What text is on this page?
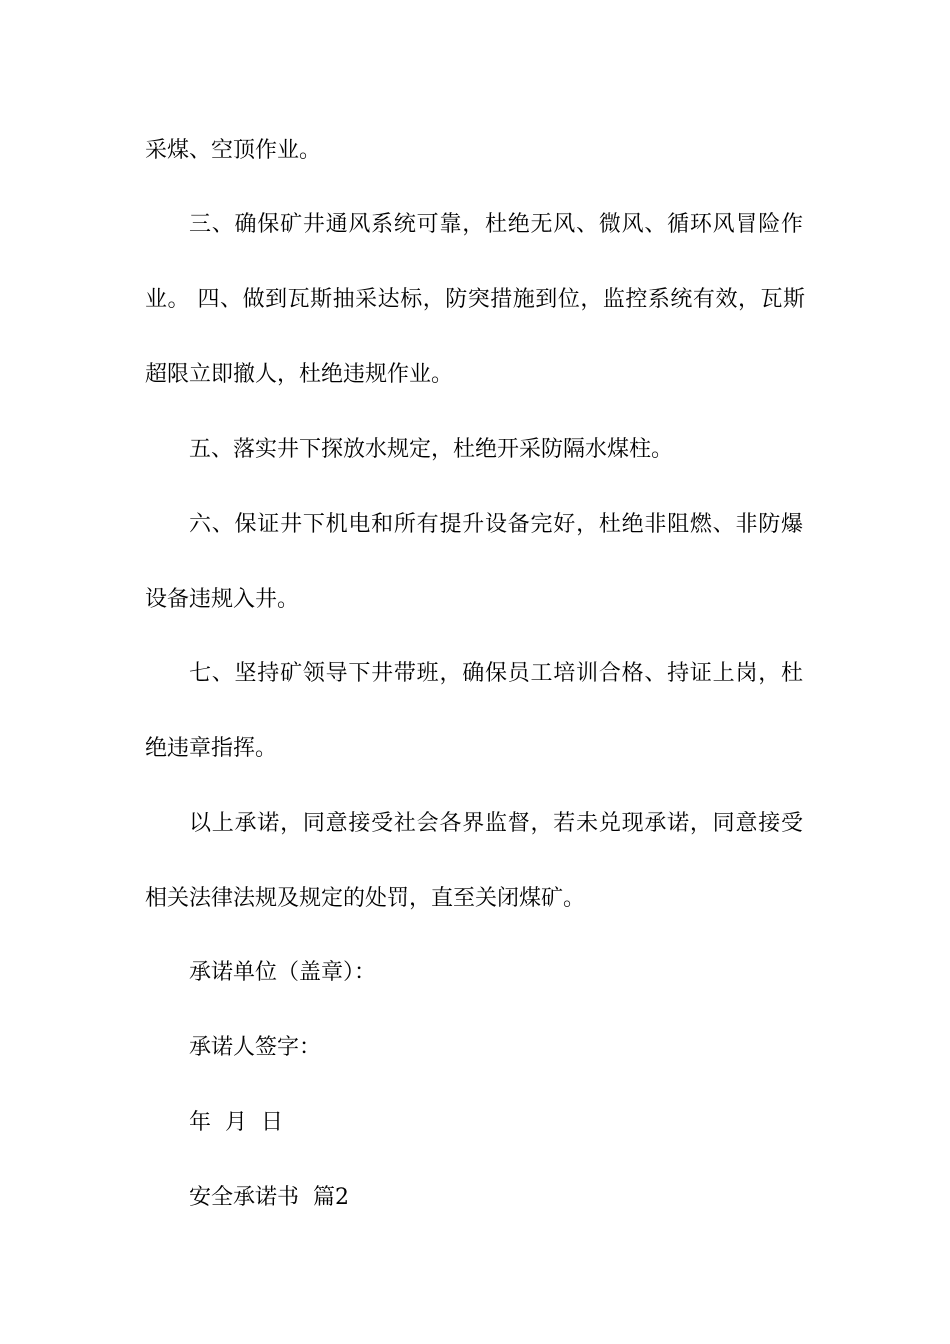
采煤、空顶作业。
三、确保矿井通风系统可靠，杜绝无风、微风、循环风冒险作
业。 四、做到瓦斯抽采达标，防突措施到位，监控系统有效，瓦斯
超限立即撤人，杜绝违规作业。
五、落实井下探放水规定，杜绝开采防隔水煤柱。
六、保证井下机电和所有提升设备完好，杜绝非阻燃、非防爆
设备违规入井。
七、坚持矿领导下井带班，确保员工培训合格、持证上岗，杜
绝违章指挥。
以上承诺，同意接受社会各界监督，若未兑现承诺，同意接受
相关法律法规及规定的处罚，直至关闭煤矿。
承诺单位（盖章）：
承诺人签字：
年  月  日
安全承诺书  篇2
